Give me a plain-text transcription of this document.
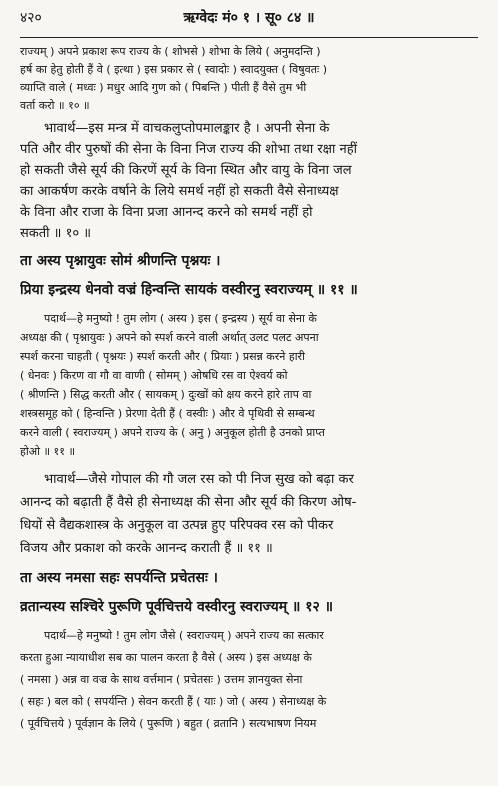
४२०	ऋग्वेदः मं० १ । सू० ८४ ॥
राज्यम् ) अपने प्रकाश रूप राज्य के ( शोभसे ) शोभा के लिये ( अनुमदन्ति )
हर्ष का हेतु होती हैं वे ( इत्था ) इस प्रकार से ( स्वादोः ) स्वादयुक्त ( विषुवतः )
व्याप्ति वाले ( मध्वः ) मधुर आदि गुण को ( पिबन्ति ) पीती हैं वैसे तुम भी
वर्ता करो ॥ १० ॥
भावार्थ—इस मन्त्र में वाचकलुप्तोपमालङ्कार है । अपनी सेना के
पति और वीर पुरुषों की सेना के विना निज राज्य की शोभा तथा रक्षा नहीं
हो सकती जैसे सूर्य की किरणें सूर्य के विना स्थित और वायु के विना जल
का आकर्षण करके वर्षाने के लिये समर्थ नहीं हो सकती वैसे सेनाध्यक्ष
के विना और राजा के विना प्रजा आनन्द करने को समर्थ नहीं हो
सकती ॥ १० ॥
ता अस्य पृश्नायुवः सोमं श्रीणन्ति पृश्नयः ।
प्रिया इन्द्रस्य धेनवो वज्रं हिन्वन्ति सायकं वस्वीरनु स्वराज्यम् ॥ ११ ॥
पदार्थ—हे मनुष्यो ! तुम लोग ( अस्य ) इस ( इन्द्रस्य ) सूर्य वा सेना के
अध्यक्ष की ( पृश्नायुवः ) अपने को स्पर्श करने वाली अर्थात् उलट पलट अपना
स्पर्श करना चाहती ( पृश्नयः ) स्पर्श करती और ( प्रियाः ) प्रसन्न करने हारी
( धेनवः ) किरण वा गौ वा वाणी ( सोमम् ) ओषधि रस वा ऐश्वर्य को
( श्रीणन्ति ) सिद्ध करती और ( सायकम् ) दुःखों को क्षय करने हारे ताप वा
शस्त्रसमूह को ( हिन्वन्ति ) प्रेरणा देती हैं ( वस्वीः ) और वे पृथिवी से सम्बन्ध
करने वाली ( स्वराज्यम् ) अपने राज्य के ( अनु ) अनुकूल होती है उनको प्राप्त
होओ ॥ ११ ॥
भावार्थ—जैसे गोपाल की गौ जल रस को पी निज सुख को बढ़ा कर
आनन्द को बढ़ाती हैं वैसे ही सेनाध्यक्ष की सेना और सूर्य की किरण ओष-
धियों से वैद्यकशास्त्र के अनुकूल वा उत्पन्न हुए परिपक्व रस को पीकर
विजय और प्रकाश को करके आनन्द कराती हैं ॥ ११ ॥
ता अस्य नमसा सहः सपर्यन्ति प्रचेतसः ।
व्रतान्यस्य सश्चिरे पुरूणि पूर्वचित्तये वस्वीरनु स्वराज्यम् ॥ १२ ॥
पदार्थ—हे मनुष्यो ! तुम लोग जैसे ( स्वराज्यम् ) अपने राज्य का सत्कार
करता हुआ न्यायाधीश सब का पालन करता है वैसे ( अस्य ) इस अध्यक्ष के
( नमसा ) अन्न वा वज्र के साथ वर्त्तमान ( प्रचेतसः ) उत्तम ज्ञानयुक्त सेना
( सहः ) बल को ( सपर्यन्ति ) सेवन करती हैं ( याः ) जो ( अस्य ) सेनाध्यक्ष के
( पूर्वचित्तये ) पूर्वज्ञान के लिये ( पुरूणि ) बहुत ( व्रतानि ) सत्यभाषण नियम
